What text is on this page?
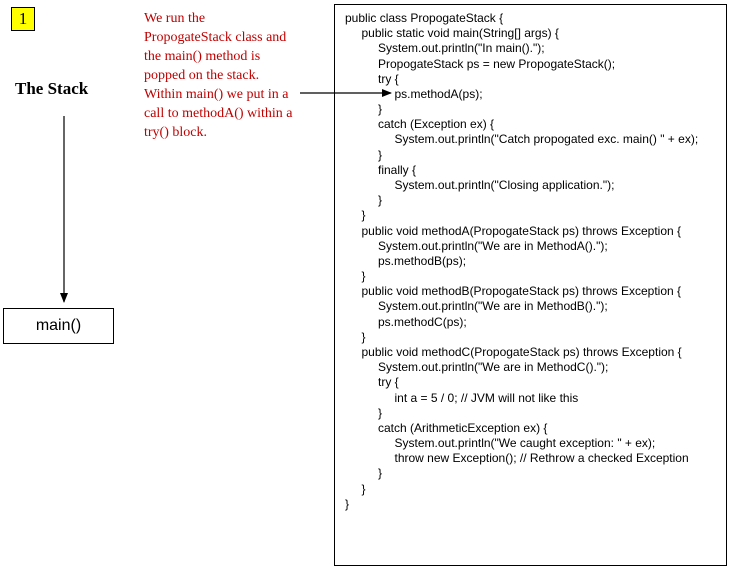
1
The Stack
main()
We run the
PropogateStack class and
the main() method is
popped on the stack.
Within main() we put in a
call to methodA() within a
try() block.
public class PropogateStack {
public static void main(String[] args) {
System.out.println("In main().");
PropogateStack ps = new PropogateStack();
try {
ps.methodA(ps);
}
catch (Exception ex) {
System.out.println("Catch propogated exc. main() " + ex);
}
finally {
System.out.println("Closing application.");
}
}
public void methodA(PropogateStack ps) throws Exception {
System.out.println("We are in MethodA().");
ps.methodB(ps);
}
public void methodB(PropogateStack ps) throws Exception {
System.out.println("We are in MethodB().");
ps.methodC(ps);
}
public void methodC(PropogateStack ps) throws Exception {
System.out.println("We are in MethodC().");
try {
int a = 5 / 0; // JVM will not like this
}
catch (ArithmeticException ex) {
System.out.println("We caught exception: " + ex);
throw new Exception(); // Rethrow a checked Exception
}
}
}
